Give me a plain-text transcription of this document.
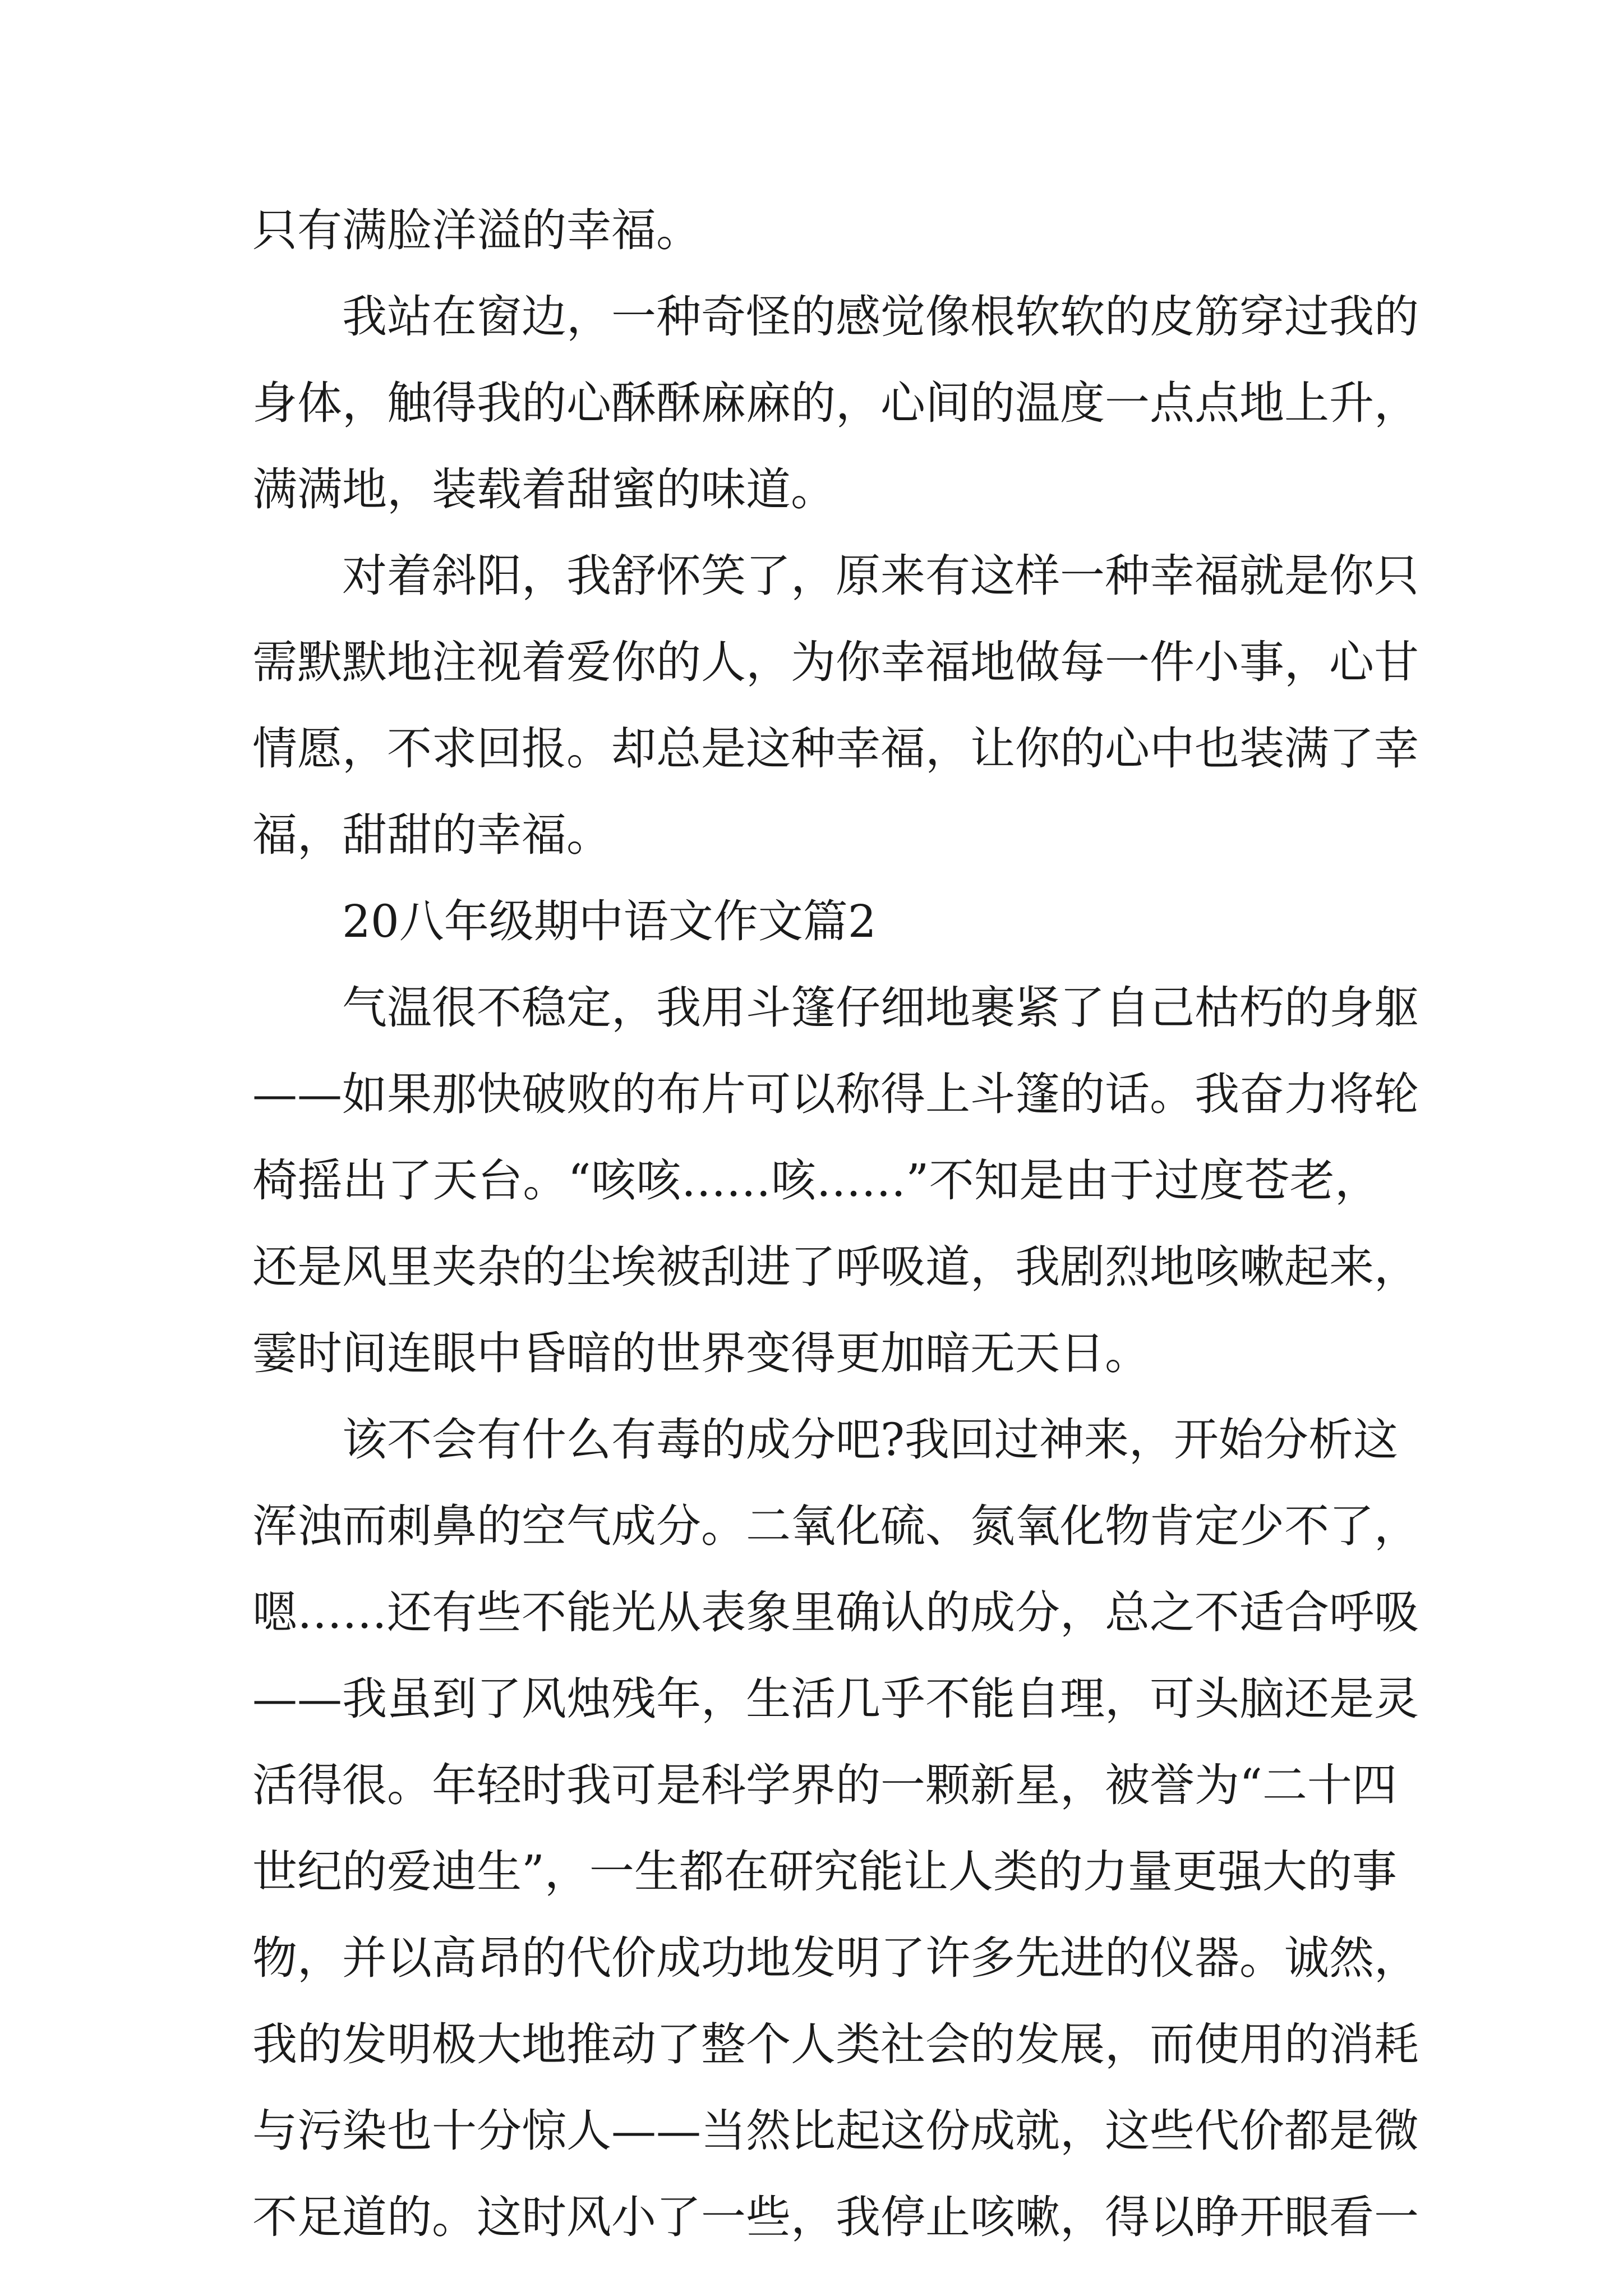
只有满脸洋溢的幸福。

我站在窗边，一种奇怪的感觉像根软软的皮筋穿过我的

身体，触得我的心酥酥麻麻的，心间的温度一点点地上升，

满满地，装载着甜蜜的味道。

对着斜阳，我舒怀笑了，原来有这样一种幸福就是你只

需默默地注视着爱你的人，为你幸福地做每一件小事，心甘

情愿，不求回报。却总是这种幸福，让你的心中也装满了幸

福，甜甜的幸福。

20八年级期中语文作文篇2

气温很不稳定，我用斗篷仔细地裹紧了自己枯朽的身躯

——如果那快破败的布片可以称得上斗篷的话。我奋力将轮

椅摇出了天台。“咳咳……咳……”不知是由于过度苍老，

还是风里夹杂的尘埃被刮进了呼吸道，我剧烈地咳嗽起来，

霎时间连眼中昏暗的世界变得更加暗无天日。

该不会有什么有毒的成分吧?我回过神来，开始分析这

浑浊而刺鼻的空气成分。二氧化硫、氮氧化物肯定少不了，

嗯……还有些不能光从表象里确认的成分，总之不适合呼吸

——我虽到了风烛残年，生活几乎不能自理，可头脑还是灵

活得很。年轻时我可是科学界的一颗新星，被誉为“二十四

世纪的爱迪生”，一生都在研究能让人类的力量更强大的事

物，并以高昂的代价成功地发明了许多先进的仪器。诚然，

我的发明极大地推动了整个人类社会的发展，而使用的消耗

与污染也十分惊人——当然比起这份成就，这些代价都是微

不足道的。这时风小了一些，我停止咳嗽，得以睁开眼看一
